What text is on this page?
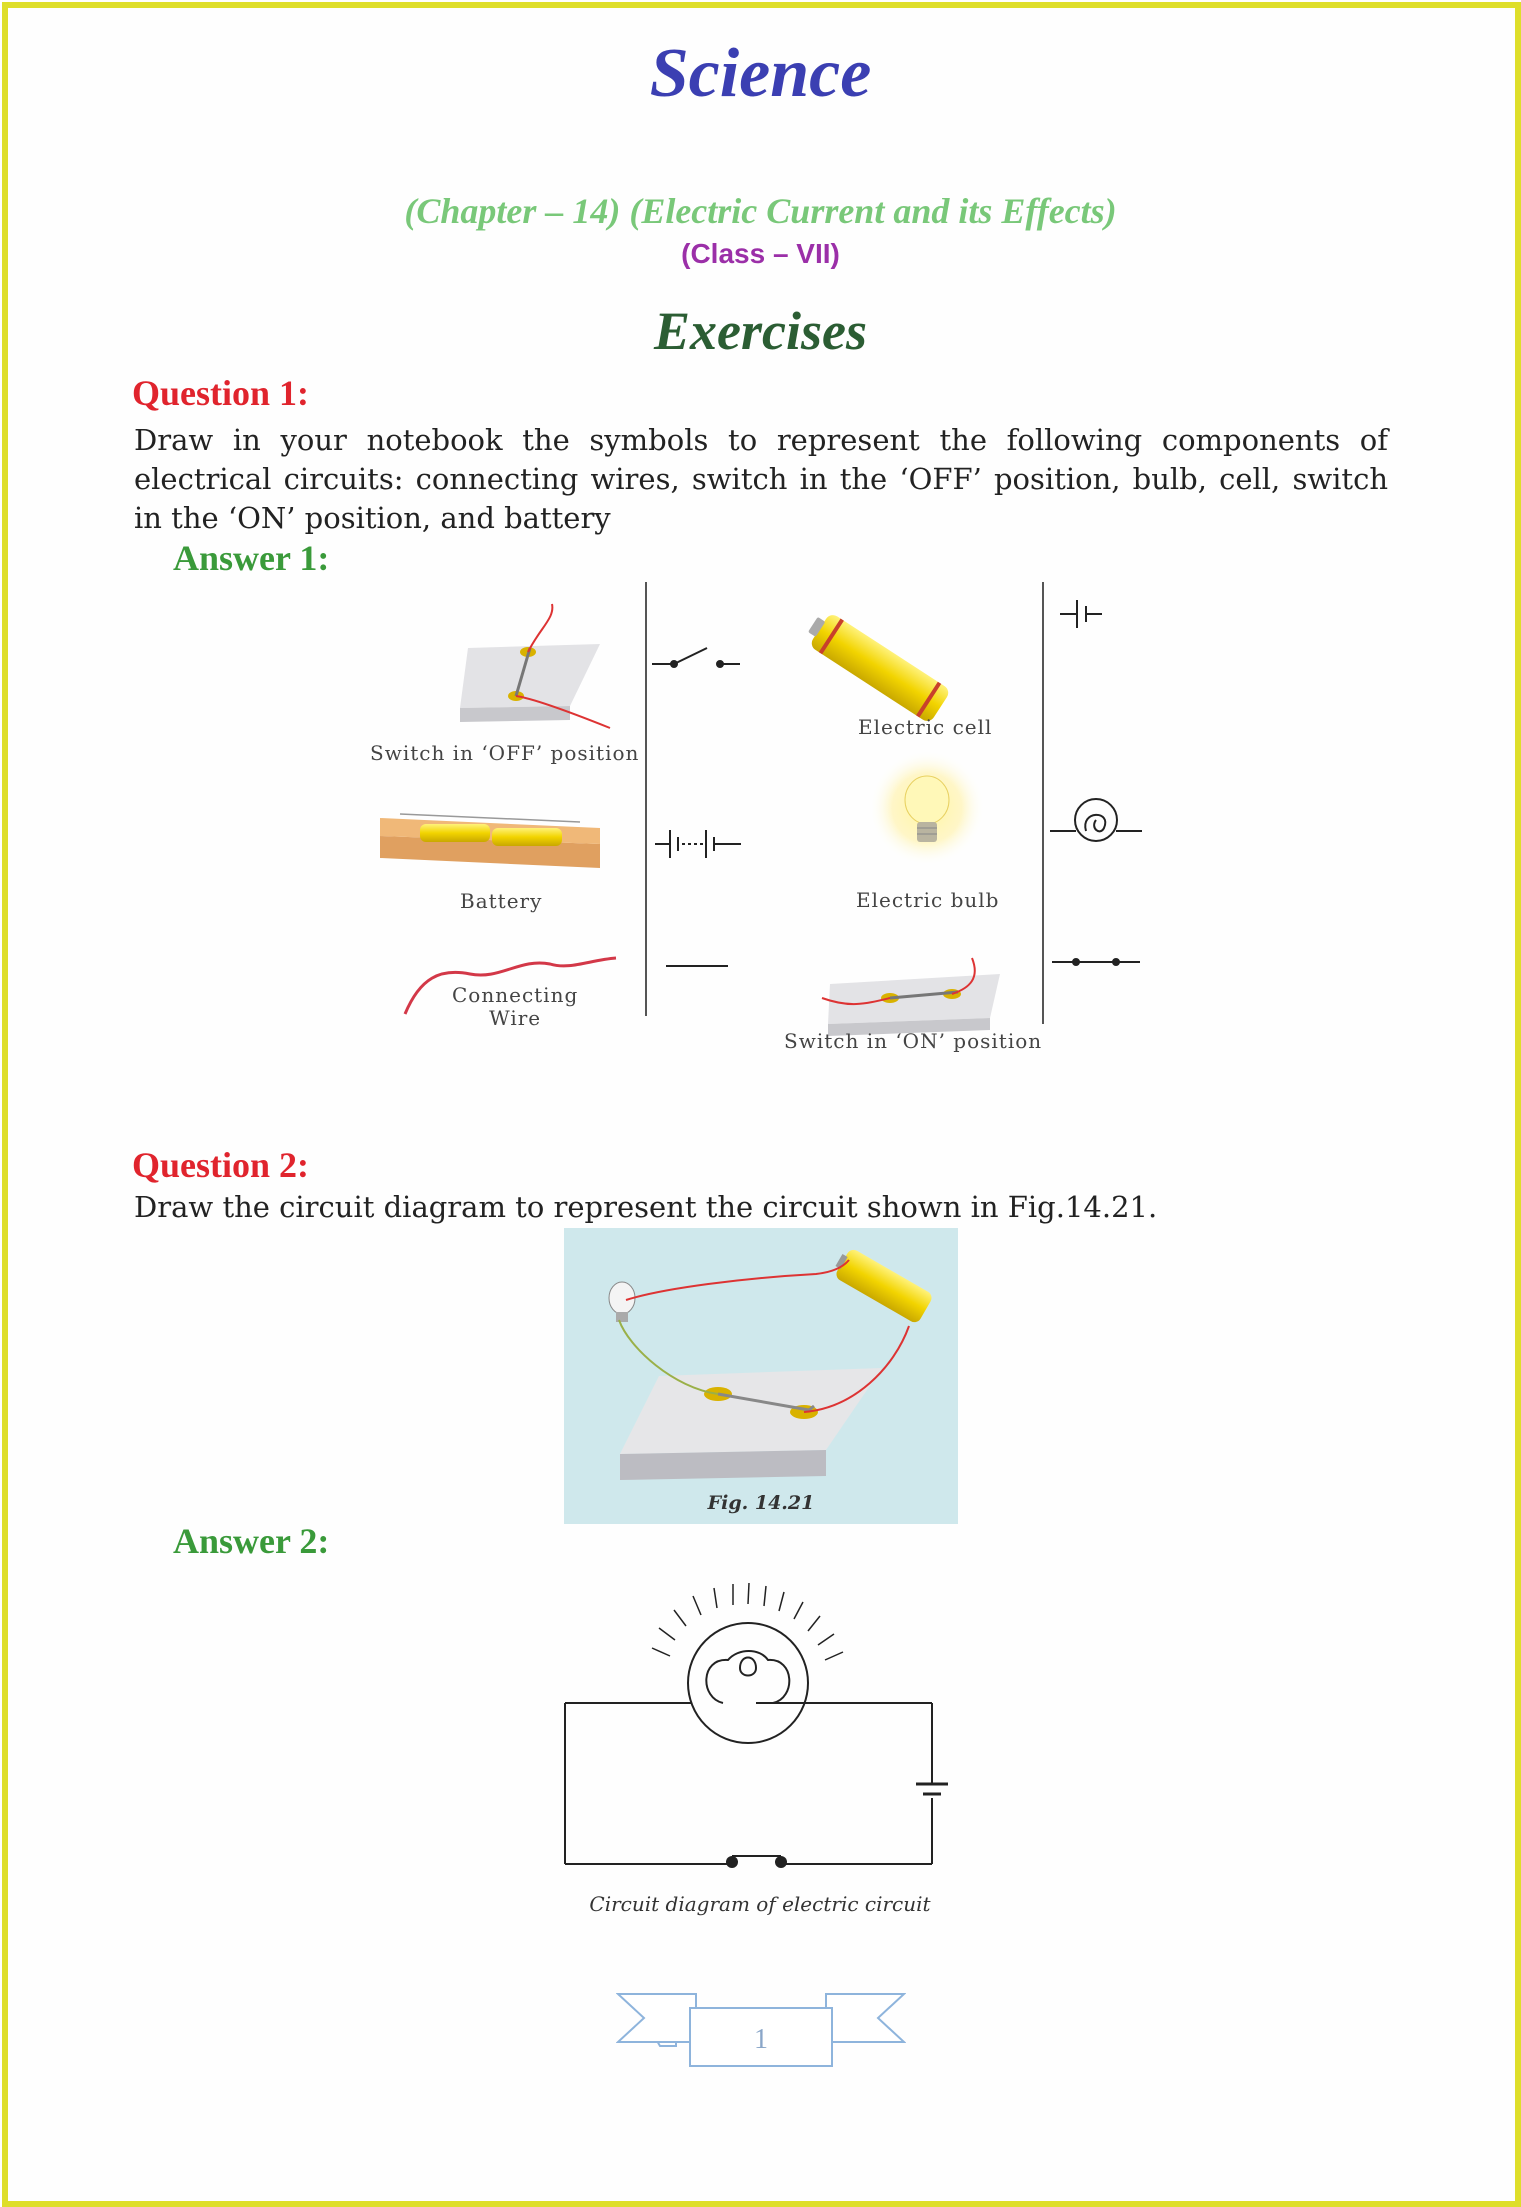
Science
(Chapter – 14) (Electric Current and its Effects)
(Class – VII)
Exercises
Question 1:
Draw in your notebook the symbols to represent the following components of electrical circuits: connecting wires, switch in the ‘OFF’ position, bulb, cell, switch in the ‘ON’ position, and battery
Answer 1:
Switch in ‘OFF’ position
Battery
Connecting
Wire
Electric cell
Electric bulb
Switch in ‘ON’ position
Question 2:
Draw the circuit diagram to represent the circuit shown in Fig.14.21.
Fig. 14.21
Answer 2:
Circuit diagram of electric circuit
1
